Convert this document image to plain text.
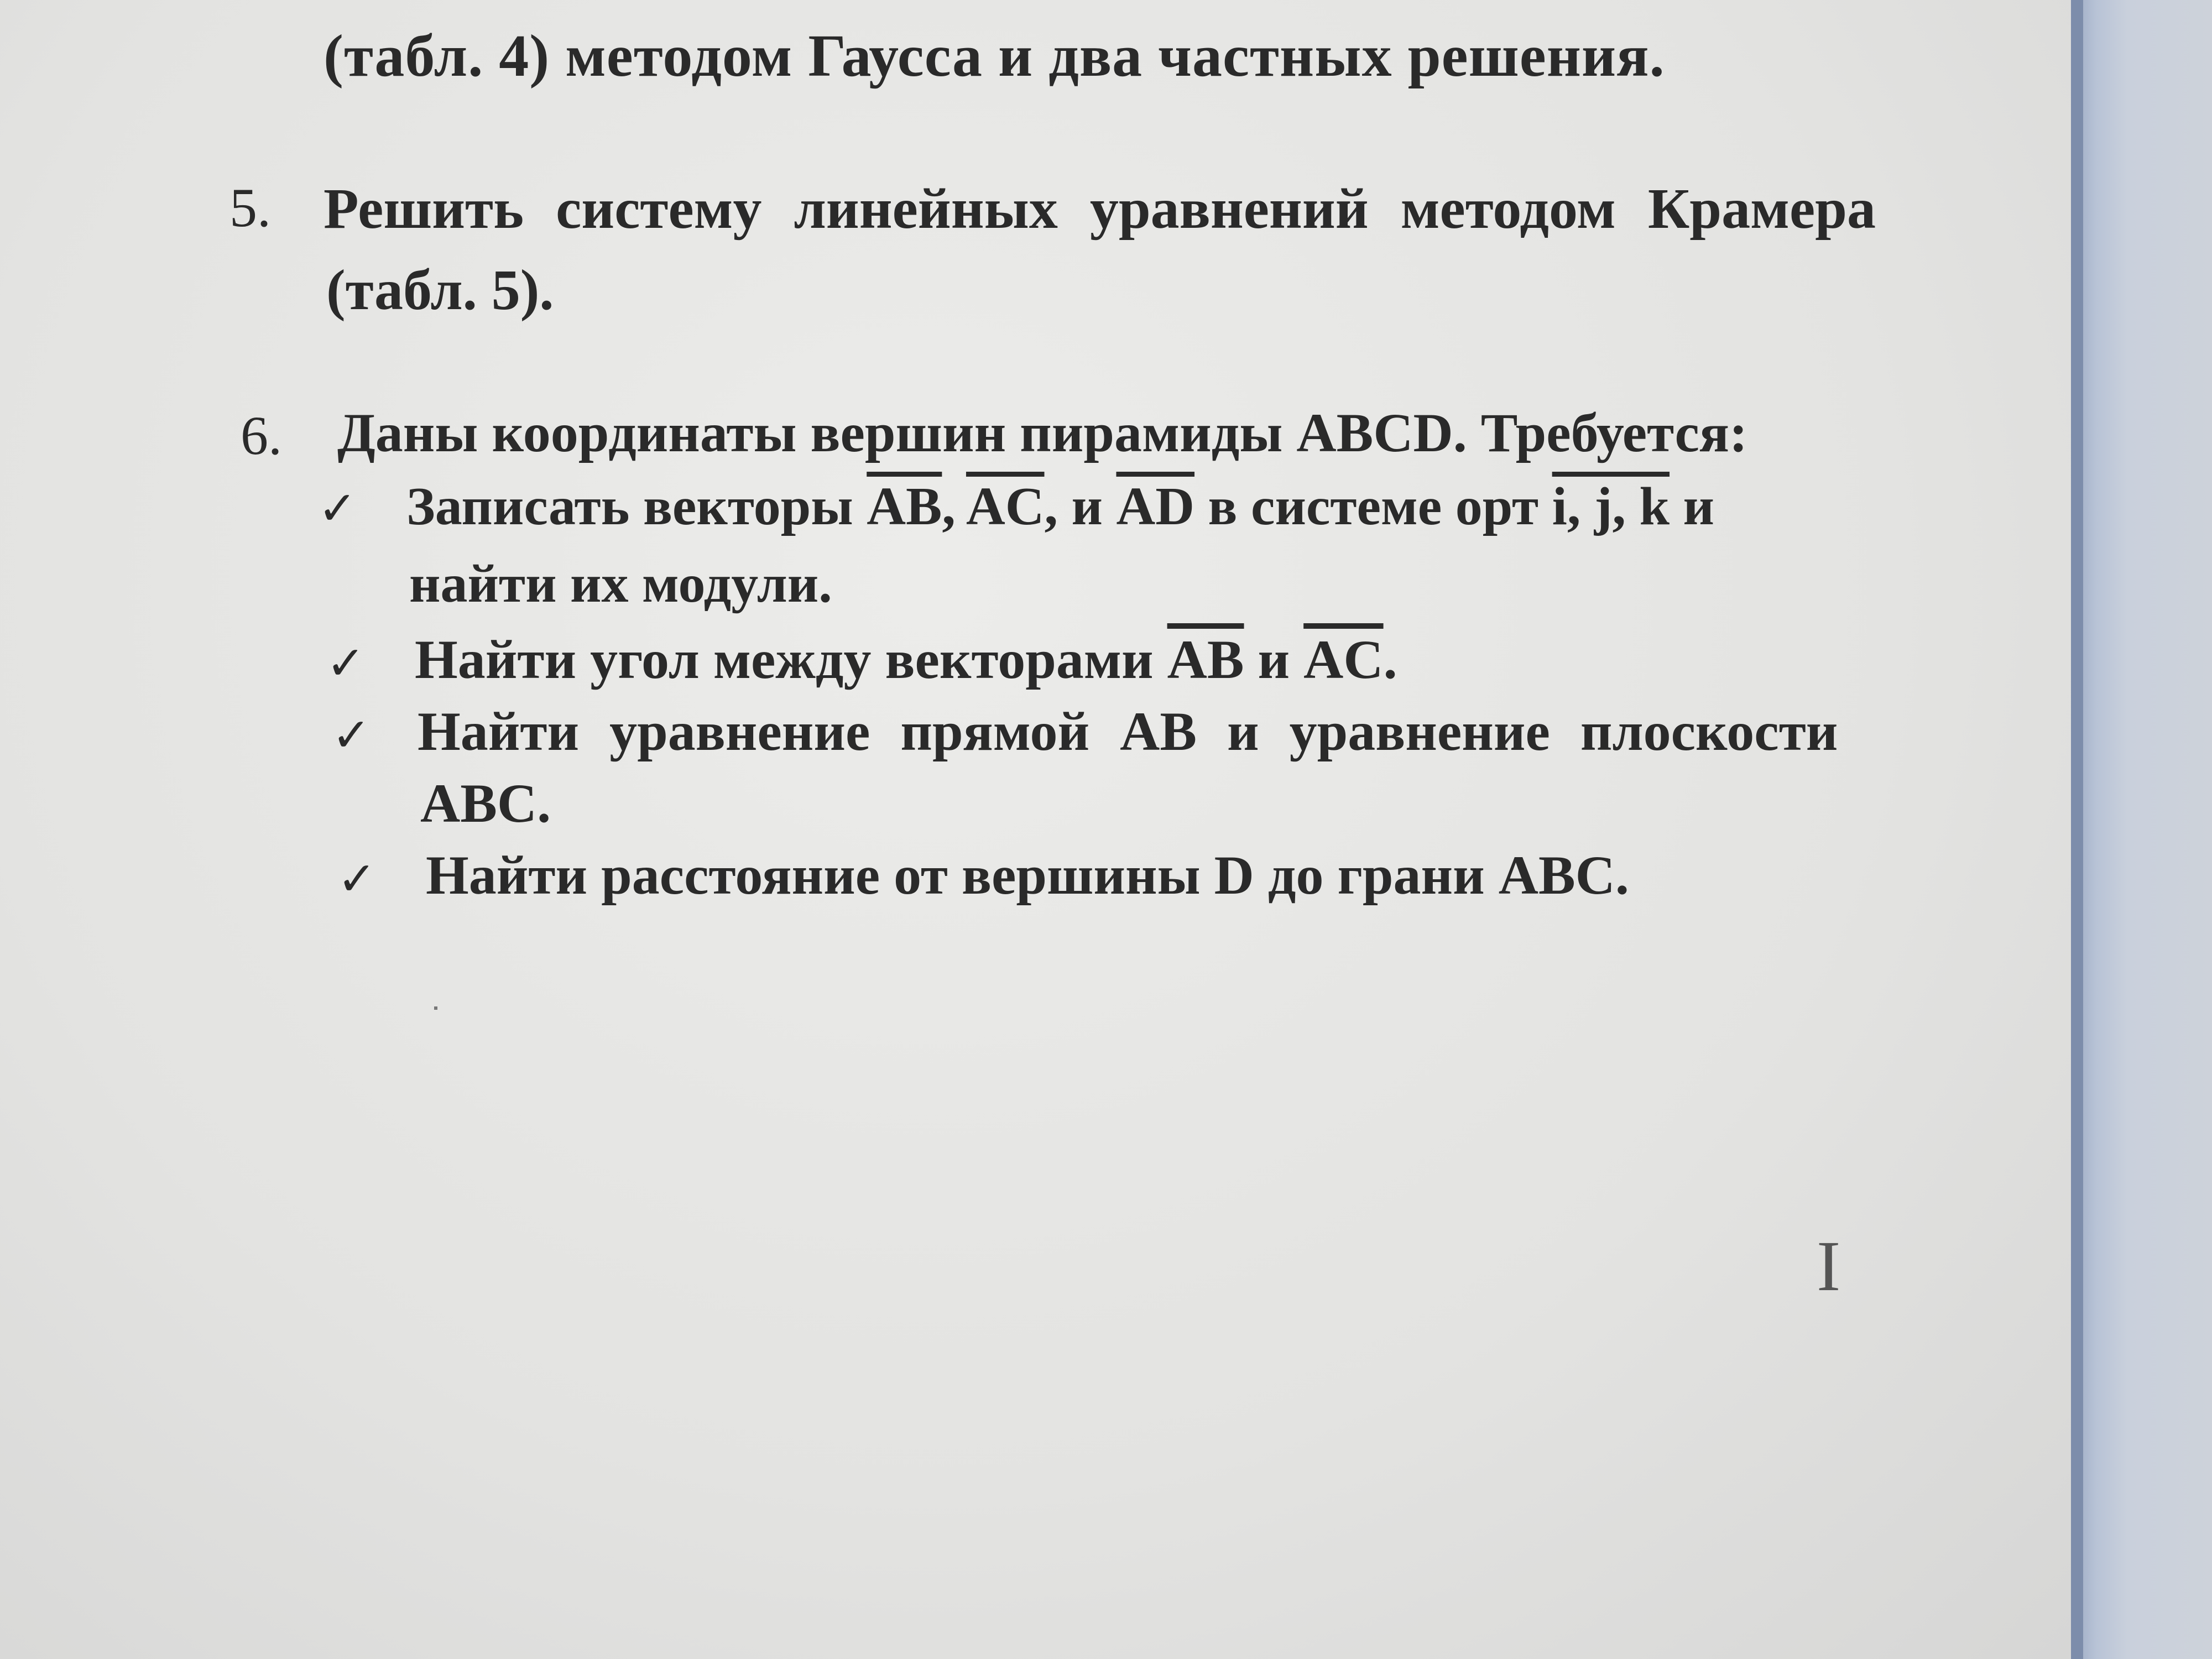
(табл. 4) методом Гаусса и два частных решения.
5. Решить систему линейных уравнений методом Крамера
(табл. 5).
6. Даны координаты вершин пирамиды ABCD. Требуется:
✓ Записать векторы $\overline{AB}$, $\overline{AC}$, и $\overline{AD}$ в системе орт i, j, k и
найти их модули.
✓ Найти угол между векторами $\overline{AB}$ и $\overline{AC}$.
✓ Найти уравнение прямой AB и уравнение плоскости
ABC.
✓ Найти расстояние от вершины D до грани ABC.
I
